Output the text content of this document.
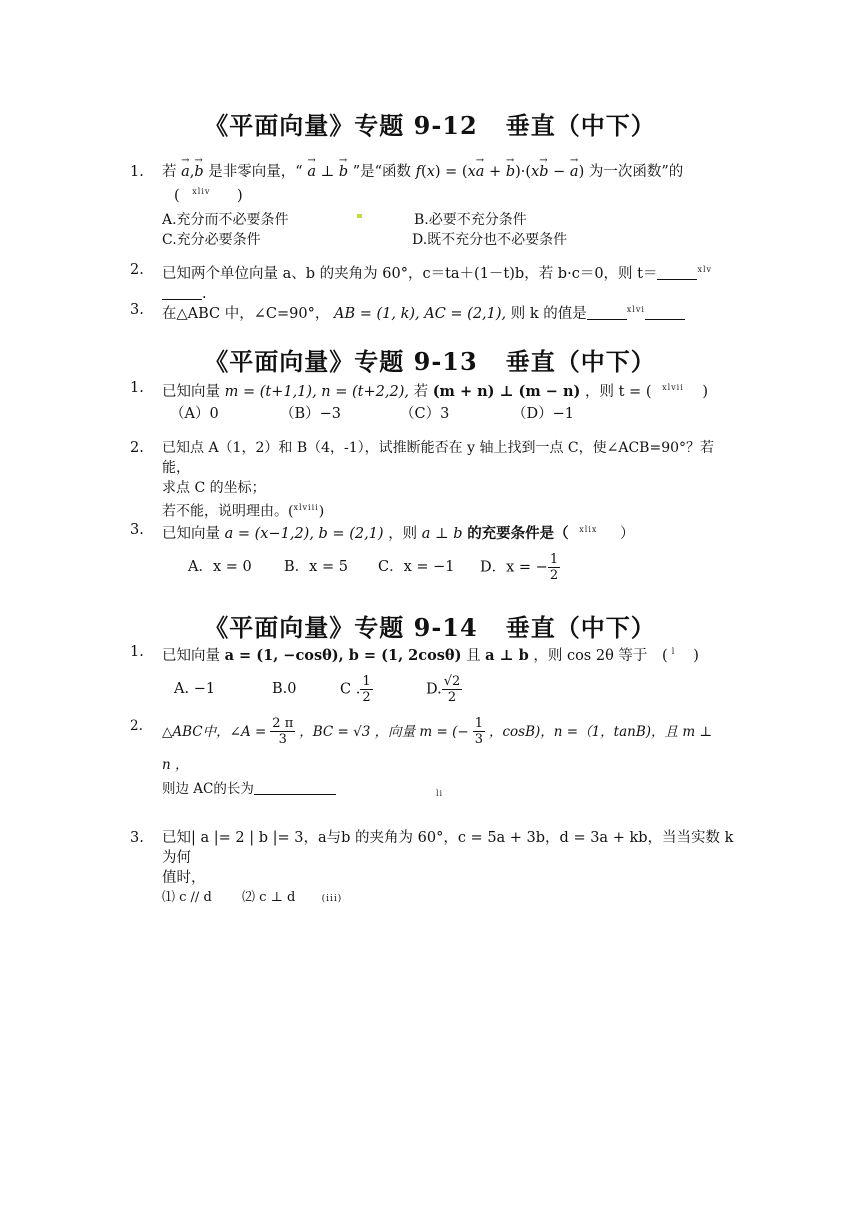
《平面向量》专题 9-12 垂直（中下）
1.	若 → a,→ b 是非零向量，“ → a ⊥ → b ”是“函数 f(x) = (x→ a + → b)·(x→ b − → a) 为一次函数”的
( $^{xliv}$ )
A.充分而不必要条件	B.必要不充分条件
C.充分必要条件	D.既不充分也不必要条件
2.	已知两个单位向量 a、b 的夹角为 60°，c＝ta＋(1－t)b，若 b·c＝0，则 t＝	$^{xlv}$.
3.	在△ABC 中，∠C=90°， AB = (1, k), AC = (2,1), 则 k 的值是	$^{xlvi}$
《平面向量》专题 9-13 垂直（中下）
1.	已知向量 m = (t+1,1), n = (t+2,2), 若 (m + n) ⊥ (m − n) ，则 t = ( $^{xlvii}$ )
（A）0	（B）−3	（C）3	（D）−1
2.	已知点 A（1，2）和 B（4，-1），试推断能否在 y 轴上找到一点 C，使∠ACB=90°？若能，
求点 C 的坐标；
若不能，说明理由。($^{xlviii}$)
3.	已知向量 a = (x−1,2), b = (2,1) ，则 a ⊥ b 的充要条件是（ $^{xlix}$ ）
A．x = 0	B．x = 5	C．x = −1	D．x = − $\frac{1}{2}$
《平面向量》专题 9-14 垂直（中下）
1.	已知向量 a = (1, −cosθ), b = (1, 2cosθ) 且 a ⊥ b ，则 cos 2θ 等于 ( $^l$ )
A. −1	B.0	C . $\frac{1}{2}$	D. $\frac{√2}{2}$
2.	△ABC中，∠A = $\frac{2 \pi}{3}$ ，BC = √3 ，向量 m = (− $\frac{1}{3}$ ，cosB)，n =（1，tanB)，且 m ⊥
n ，
则边 AC的长为	li
3.	已知| a |= 2 | b |= 3，a与b 的夹角为 60°，c = 5a + 3b，d = 3a + kb，当当实数 k 为何
值时，
⑴ c // d ⑵ c ⊥ d	(iii)
